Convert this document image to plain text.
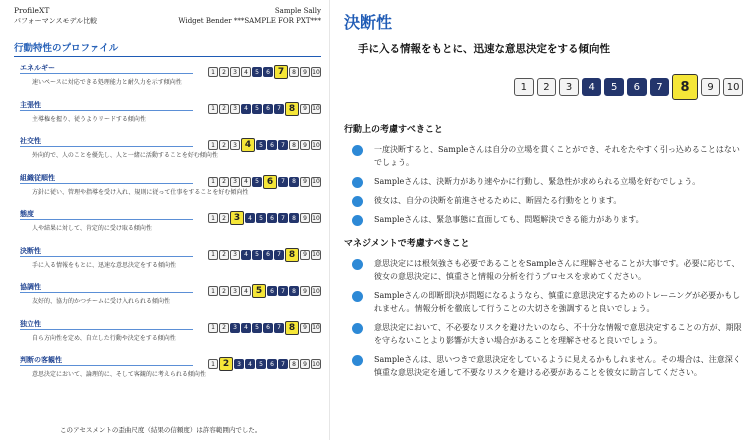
ProfileXT
パフォーマンスモデル比較
Sample Sally
Widget Bender ***SAMPLE FOR PXT***
行動特性のプロファイル
エネルギー
速いペースに対応できる処理能力と耐久力を示す傾向性
1	2	3	4	5	6 7	8	9 10
主張性
主導権を握り、従うよりリードする傾向性
1	2	3	4	5	6	7 8	9 10
社交性
外向的で、人のことを優先し、人と一緒に活動することを好む傾向性
1	2	3 4	5	6	7	8	9 10
組織従順性
方針に従い、管理や指導を受け入れ、規則に従って仕事をすることを好む傾向性
1	2	3	4	5 6	7	8	9 10
態度
人や結果に対して、肯定的に受け取る傾向性
1	2 3	4	5	6	7	8	9 10
決断性
手に入る情報をもとに、迅速な意思決定をする傾向性
1	2	3	4	5	6	7 8	9 10
協調性
友好的、協力的かつチームに受け入れられる傾向性
1	2	3	4 5	6	7	8	9 10
独立性
自ら方向性を定め、自立した行動や決定をする傾向性
1	2	3	4	5	6	7 8	9 10
判断の客観性
意思決定において、論理的に、そして客観的に考えられる傾向性
1 2	3	4	5	6	7	8	9 10
このアセスメントの歪曲尺度（結果の信頼度）は許容範囲内でした。
決断性
手に入る情報をもとに、迅速な意思決定をする傾向性
1	2	3	4	5	6	7	8	9	10
行動上の考慮すべきこと
一度決断すると、Sampleさんは自分の立場を貫くことができ、それをたやすく引っ込めることはないでしょう。
Sampleさんは、決断力があり速やかに行動し、緊急性が求められる立場を好むでしょう。
彼女は、自分の決断を前進させるために、断固たる行動をとります。
Sampleさんは、緊急事態に直面しても、問題解決できる能力があります。
マネジメントで考慮すべきこと
意思決定には根気強さも必要であることをSampleさんに理解させることが大事です。必要に応じて、彼女の意思決定に、慎重さと情報の分析を行うプロセスを求めてください。
Sampleさんの即断即決が問題になるようなら、慎重に意思決定するためのトレーニングが必要かもしれません。情報分析を徹底して行うことの大切さを強調すると良いでしょう。
意思決定において、不必要なリスクを避けたいのなら、不十分な情報で意思決定することの方が、期限を守らないことより影響が大きい場合があることを理解させると良いでしょう。
Sampleさんは、思いつきで意思決定をしているように見えるかもしれません。その場合は、注意深く慎重な意思決定を通して不要なリスクを避ける必要があることを彼女に助言してください。
